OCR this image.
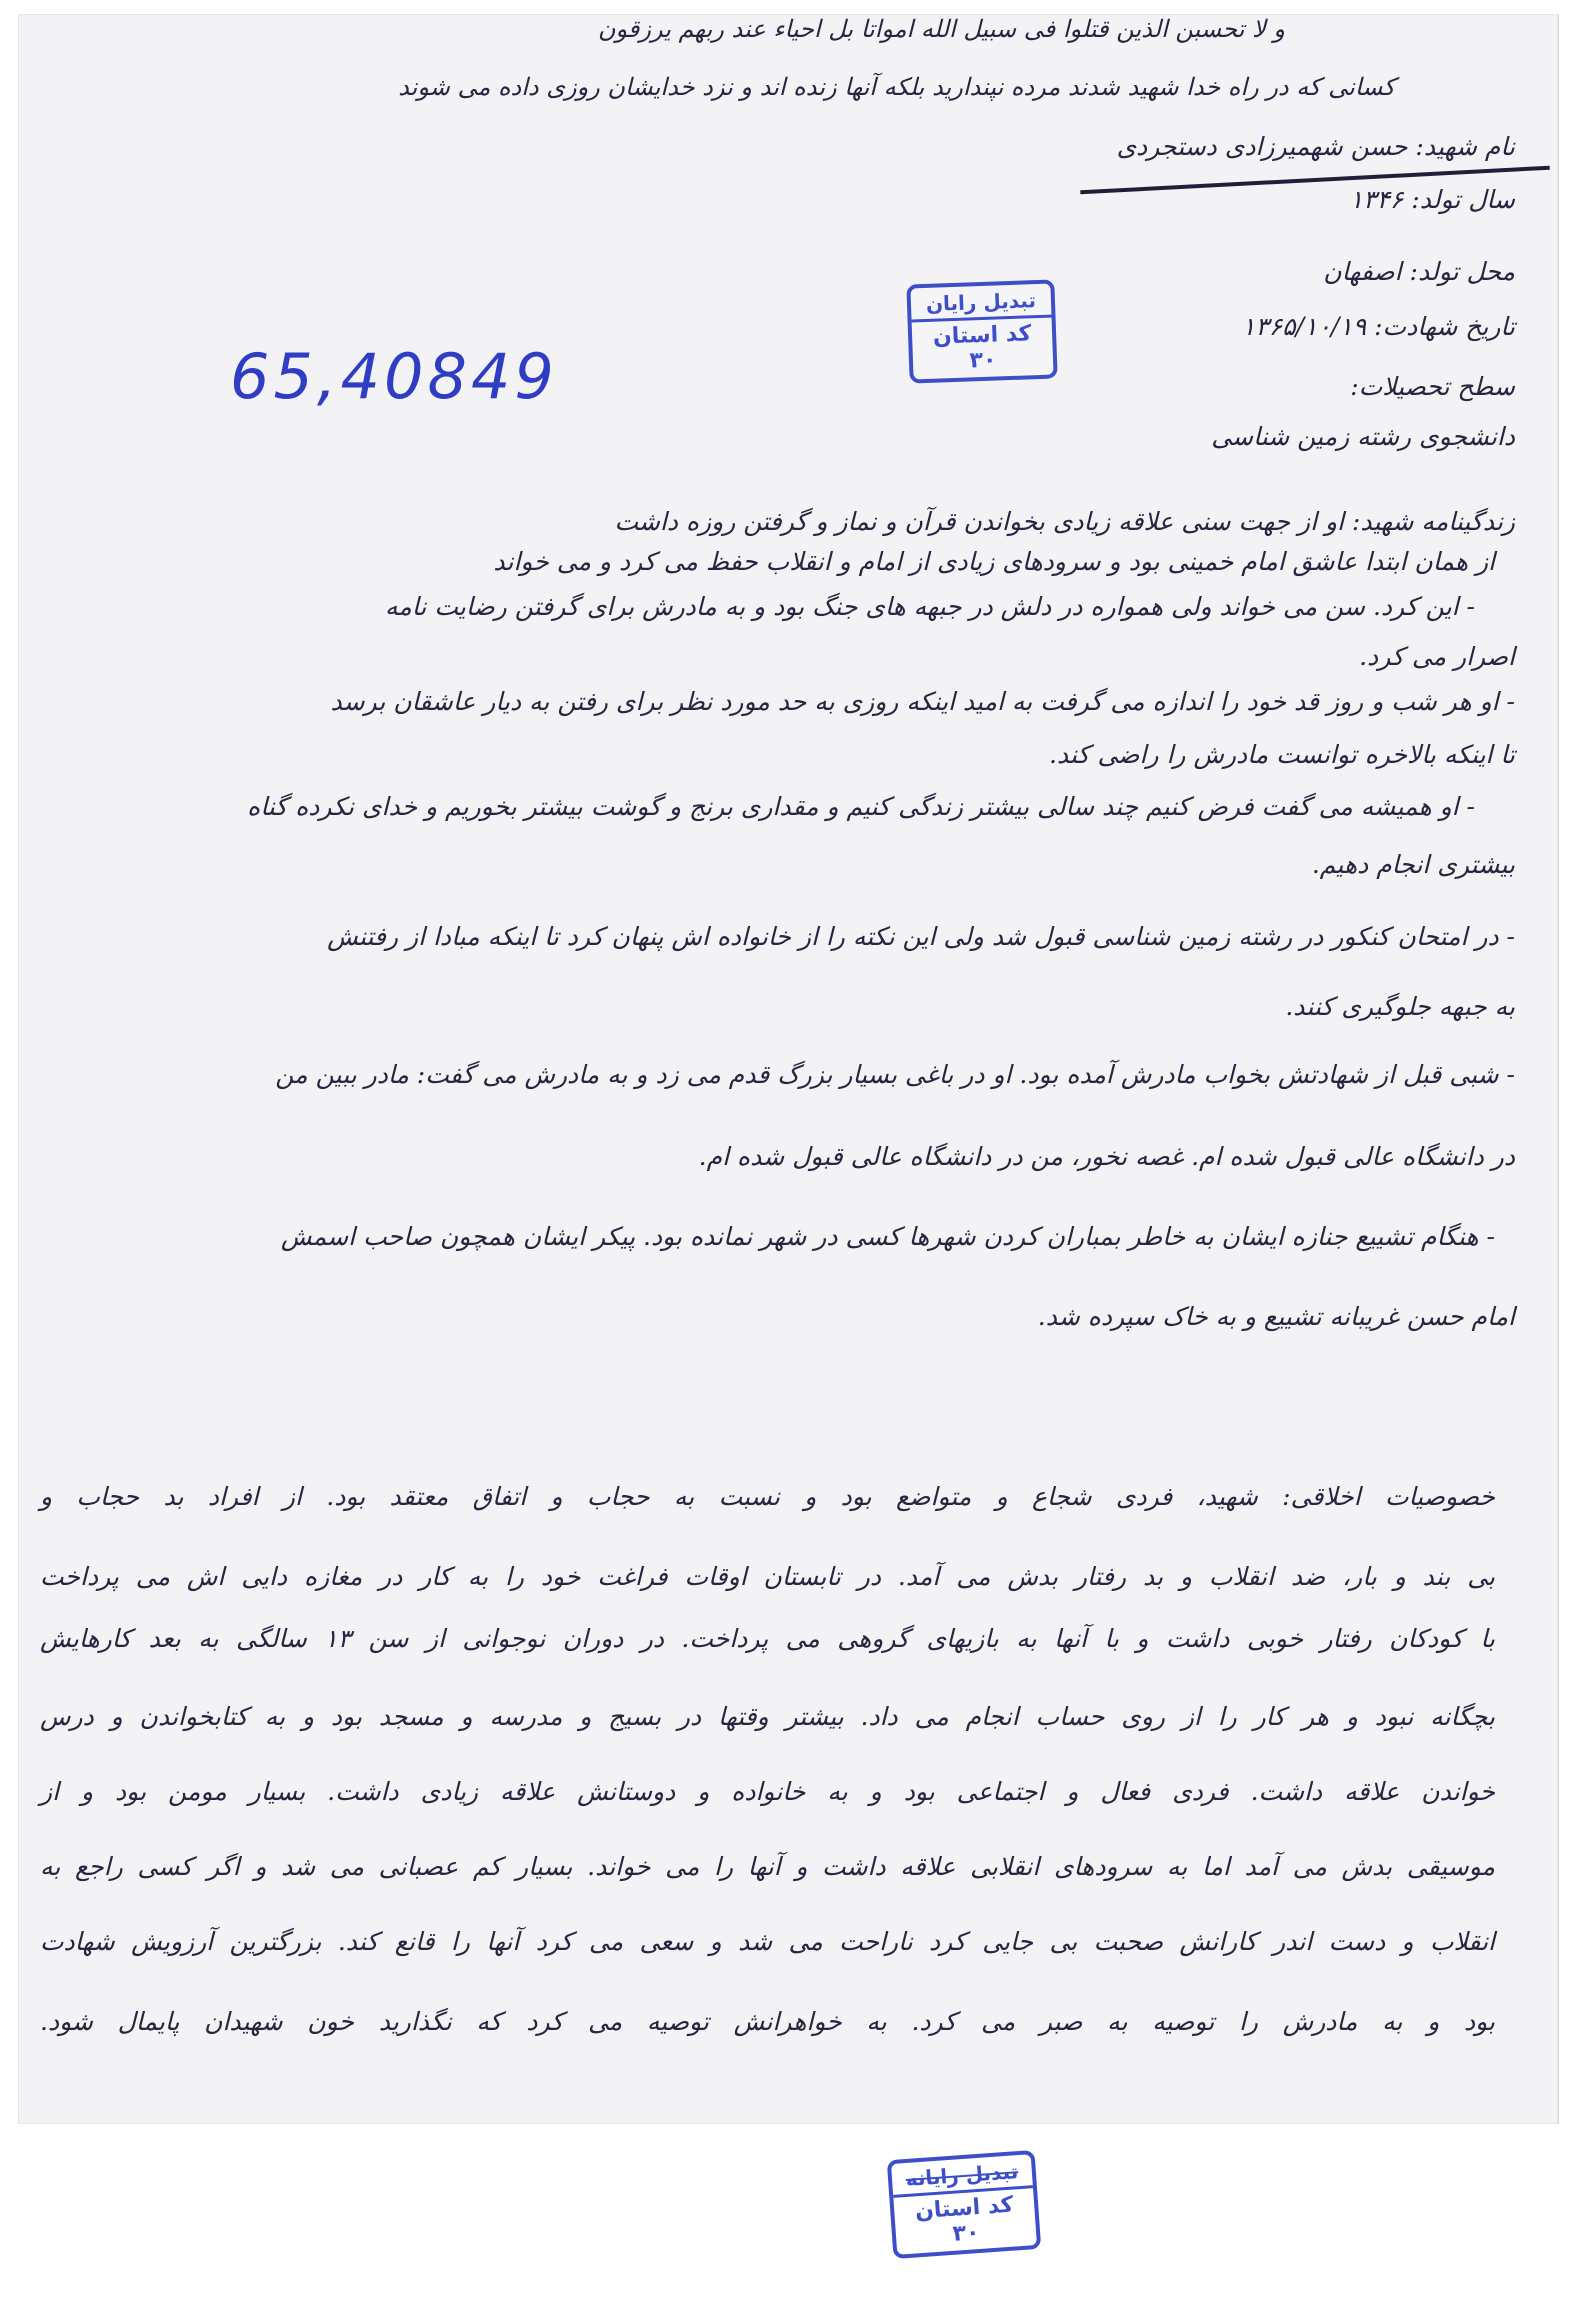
و لا تحسبن الذين قتلوا فی سبیل الله امواتا بل احیاء عند ربهم یرزقون
کسانی که در راه خدا شهید شدند مرده نپندارید بلکه آنها زنده اند و نزد خدایشان روزی داده می شوند
نام شهید: حسن شهمیرزادی دستجردی
سال تولد: ۱۳۴۶
محل تولد: اصفهان
تاریخ شهادت: ۱۳۶۵/۱۰/۱۹
سطح تحصیلات:
دانشجوی رشته زمین شناسی
زندگینامه شهید: او از جهت سنی علاقه زیادی بخواندن قرآن و نماز و گرفتن روزه داشت
از همان ابتدا عاشق امام خمینی بود و سرودهای زیادی از امام و انقلاب حفظ می کرد و می خواند
- این کرد. سن می خواند ولی همواره در دلش در جبهه های جنگ بود و به مادرش برای گرفتن رضایت نامه
اصرار می کرد.
- او هر شب و روز قد خود را اندازه می گرفت به امید اینکه روزی به حد مورد نظر برای رفتن به دیار عاشقان برسد
تا اینکه بالاخره توانست مادرش را راضی کند.
- او همیشه می گفت فرض کنیم چند سالی بیشتر زندگی کنیم و مقداری برنج و گوشت بیشتر بخوریم و خدای نکرده گناه
بیشتری انجام دهیم.
- در امتحان کنکور در رشته زمین شناسی قبول شد ولی این نکته را از خانواده اش پنهان کرد تا اینکه مبادا از رفتنش
به جبهه جلوگیری کنند.
- شبی قبل از شهادتش بخواب مادرش آمده بود. او در باغی بسیار بزرگ قدم می زد و به مادرش می گفت: مادر ببین من
در دانشگاه عالی قبول شده ام. غصه نخور، من در دانشگاه عالی قبول شده ام.
- هنگام تشییع جنازه ایشان به خاطر بمباران کردن شهرها کسی در شهر نمانده بود. پیکر ایشان همچون صاحب اسمش
امام حسن غریبانه تشییع و به خاک سپرده شد.
خصوصیات اخلاقی: شهید، فردی شجاع و متواضع بود و نسبت به حجاب و اتفاق معتقد بود. از افراد بد حجاب و
بی بند و بار، ضد انقلاب و بد رفتار بدش می آمد. در تابستان اوقات فراغت خود را به کار در مغازه دایی اش می پرداخت
با کودکان رفتار خوبی داشت و با آنها به بازیهای گروهی می پرداخت. در دوران نوجوانی از سن ۱۳ سالگی به بعد کارهایش
بچگانه نبود و هر کار را از روی حساب انجام می داد. بیشتر وقتها در بسیج و مدرسه و مسجد بود و به کتابخواندن و درس
خواندن علاقه داشت. فردی فعال و اجتماعی بود و به خانواده و دوستانش علاقه زیادی داشت. بسیار مومن بود و از
موسیقی بدش می آمد اما به سرودهای انقلابی علاقه داشت و آنها را می خواند. بسیار کم عصبانی می شد و اگر کسی راجع به
انقلاب و دست اندر کارانش صحبت بی جایی کرد ناراحت می شد و سعی می کرد آنها را قانع کند. بزرگترین آرزویش شهادت
بود و به مادرش را توصیه به صبر می کرد. به خواهرانش توصیه می کرد که نگذارید خون شهیدان پایمال شود.
65,40849
تبدیل رایان
کد استان ۳۰
تبدیل رایانه
کد استان ۳۰
